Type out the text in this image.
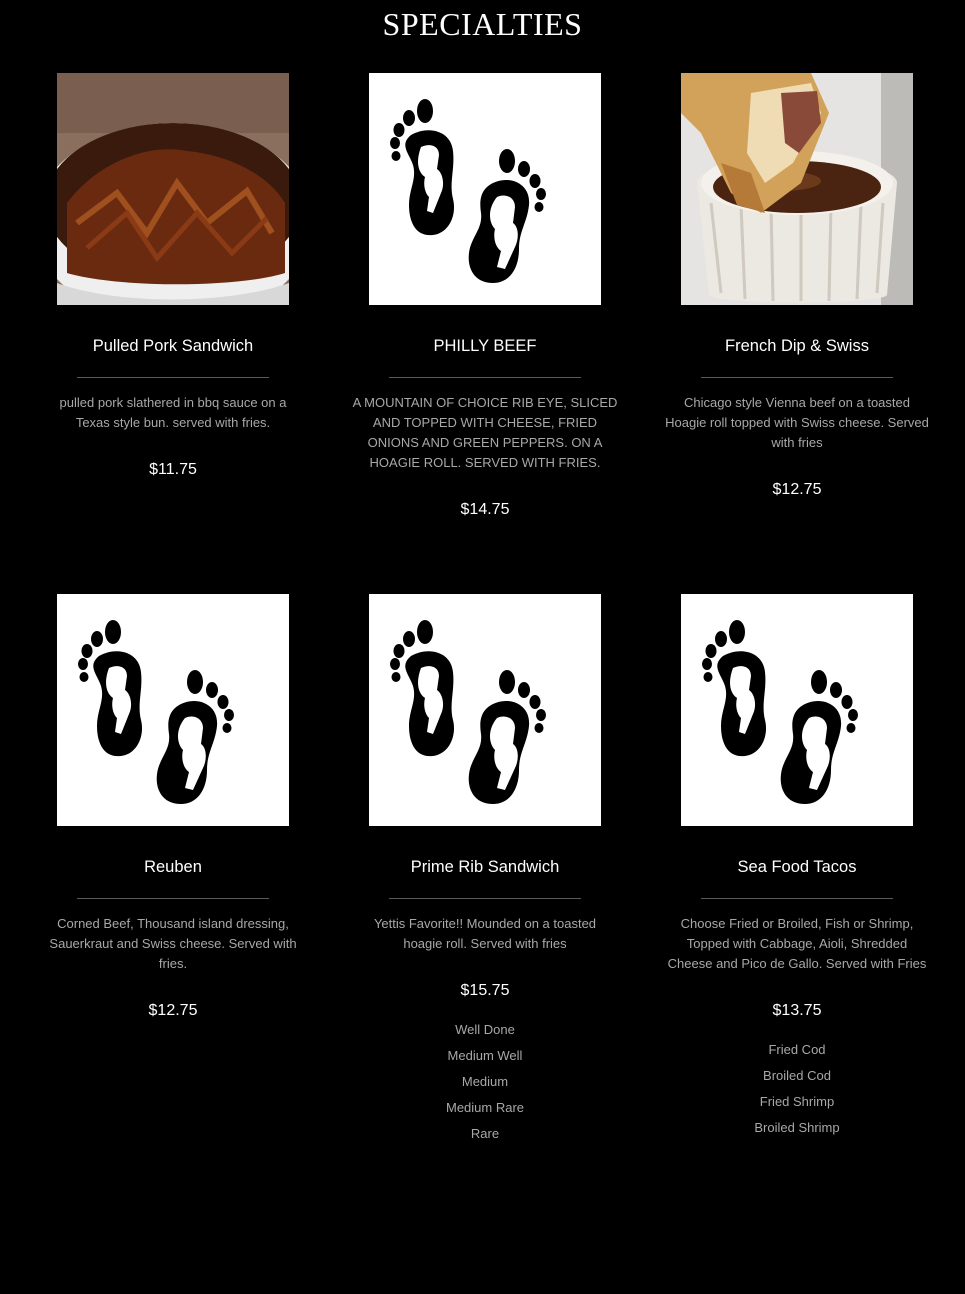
SPECIALTIES
Pulled Pork Sandwich
pulled pork slathered in bbq sauce on a Texas style bun. served with fries.
$11.75
PHILLY BEEF
A MOUNTAIN OF CHOICE RIB EYE, SLICED AND TOPPED WITH CHEESE, FRIED ONIONS AND GREEN PEPPERS. ON A HOAGIE ROLL. SERVED WITH FRIES.
$14.75
French Dip & Swiss
Chicago style Vienna beef on a toasted Hoagie roll topped with Swiss cheese. Served with fries
$12.75
Reuben
Corned Beef, Thousand island dressing, Sauerkraut and Swiss cheese. Served with fries.
$12.75
Prime Rib Sandwich
Yettis Favorite!! Mounded on a toasted hoagie roll. Served with fries
$15.75
Well Done
Medium Well
Medium
Medium Rare
Rare
Sea Food Tacos
Choose Fried or Broiled, Fish or Shrimp, Topped with Cabbage, Aioli, Shredded Cheese and Pico de Gallo. Served with Fries
$13.75
Fried Cod
Broiled Cod
Fried Shrimp
Broiled Shrimp
